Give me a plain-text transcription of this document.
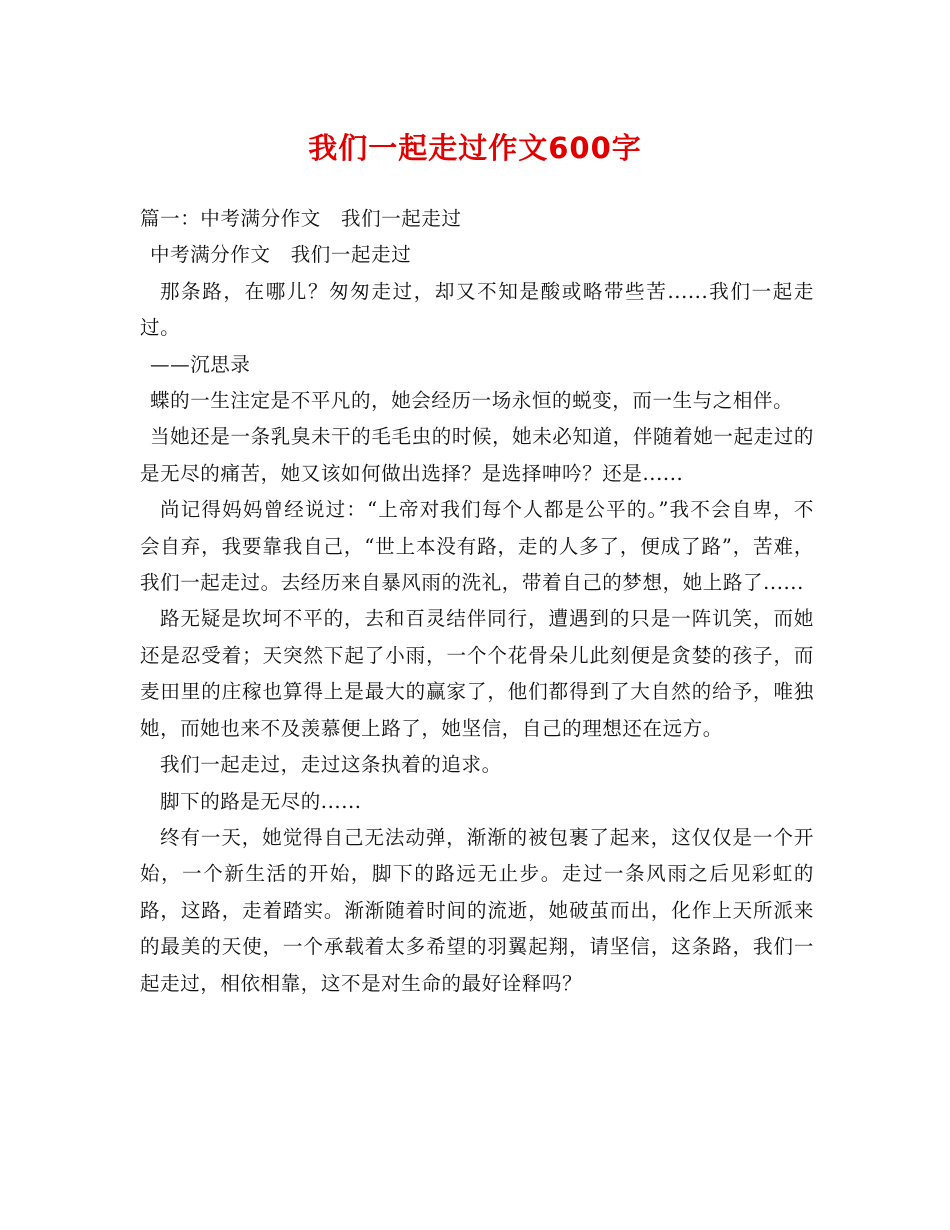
我们一起走过作文600字

篇一：中考满分作文　我们一起走过

中考满分作文　我们一起走过

那条路，在哪儿？匆匆走过，却又不知是酸或略带些苦......我们一起走过。

——沉思录

蝶的一生注定是不平凡的，她会经历一场永恒的蜕变，而一生与之相伴。

当她还是一条乳臭未干的毛毛虫的时候，她未必知道，伴随着她一起走过的是无尽的痛苦，她又该如何做出选择？是选择呻吟？还是......

尚记得妈妈曾经说过：“上帝对我们每个人都是公平的。”我不会自卑，不会自弃，我要靠我自己，“世上本没有路，走的人多了，便成了路”，苦难，我们一起走过。去经历来自暴风雨的洗礼，带着自己的梦想，她上路了......

路无疑是坎坷不平的，去和百灵结伴同行，遭遇到的只是一阵讥笑，而她还是忍受着；天突然下起了小雨，一个个花骨朵儿此刻便是贪婪的孩子，而麦田里的庄稼也算得上是最大的赢家了，他们都得到了大自然的给予，唯独她，而她也来不及羡慕便上路了，她坚信，自己的理想还在远方。

我们一起走过，走过这条执着的追求。

脚下的路是无尽的......

终有一天，她觉得自己无法动弹，渐渐的被包裹了起来，这仅仅是一个开始，一个新生活的开始，脚下的路远无止步。走过一条风雨之后见彩虹的路，这路，走着踏实。渐渐随着时间的流逝，她破茧而出，化作上天所派来的最美的天使，一个承载着太多希望的羽翼起翔，请坚信，这条路，我们一起走过，相依相靠，这不是对生命的最好诠释吗？
